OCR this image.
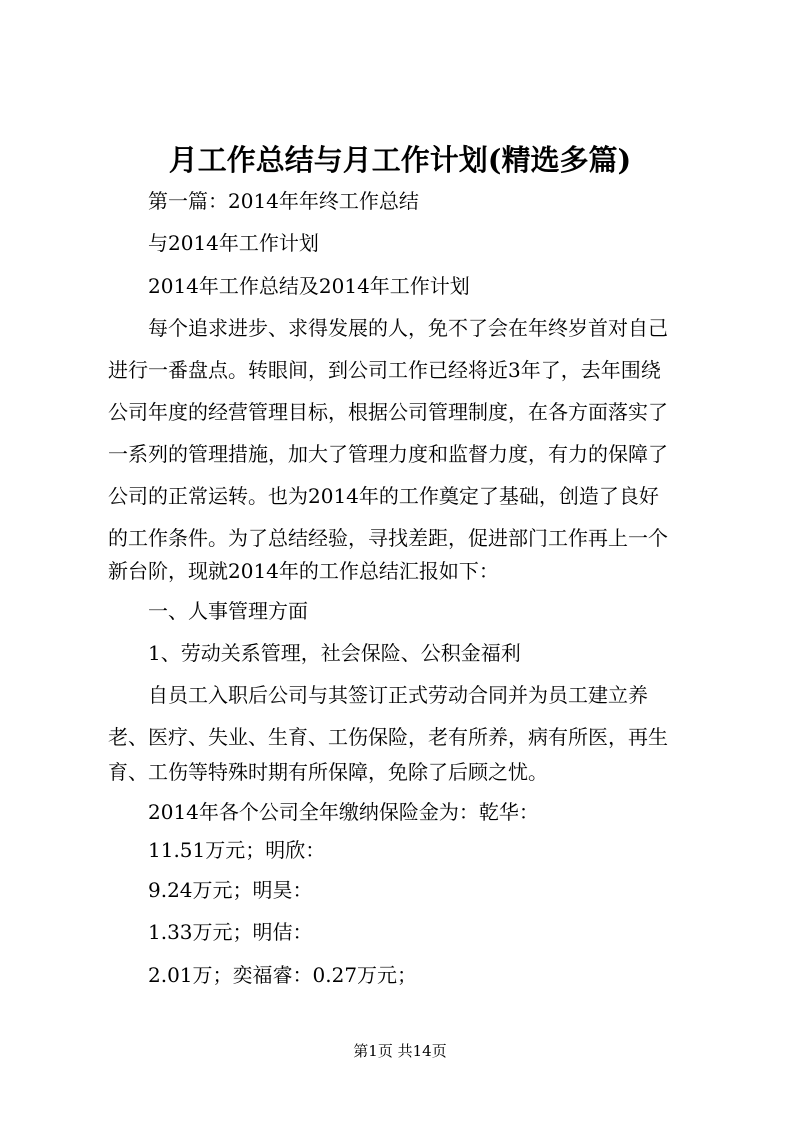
月工作总结与月工作计划(精选多篇)
第一篇：2014年年终工作总结
与2014年工作计划
2014年工作总结及2014年工作计划
每个追求进步、求得发展的人，免不了会在年终岁首对自己
进行一番盘点。转眼间，到公司工作已经将近3年了，去年围绕
公司年度的经营管理目标，根据公司管理制度，在各方面落实了
一系列的管理措施，加大了管理力度和监督力度，有力的保障了
公司的正常运转。也为2014年的工作奠定了基础，创造了良好
的工作条件。为了总结经验，寻找差距，促进部门工作再上一个
新台阶，现就2014年的工作总结汇报如下：
一、人事管理方面
1、劳动关系管理，社会保险、公积金福利
自员工入职后公司与其签订正式劳动合同并为员工建立养
老、医疗、失业、生育、工伤保险，老有所养，病有所医，再生
育、工伤等特殊时期有所保障，免除了后顾之忧。
2014年各个公司全年缴纳保险金为：乾华：
11.51万元；明欣：
9.24万元；明昊：
1.33万元；明佶：
2.01万；奕福睿：0.27万元；
第1页 共14页
